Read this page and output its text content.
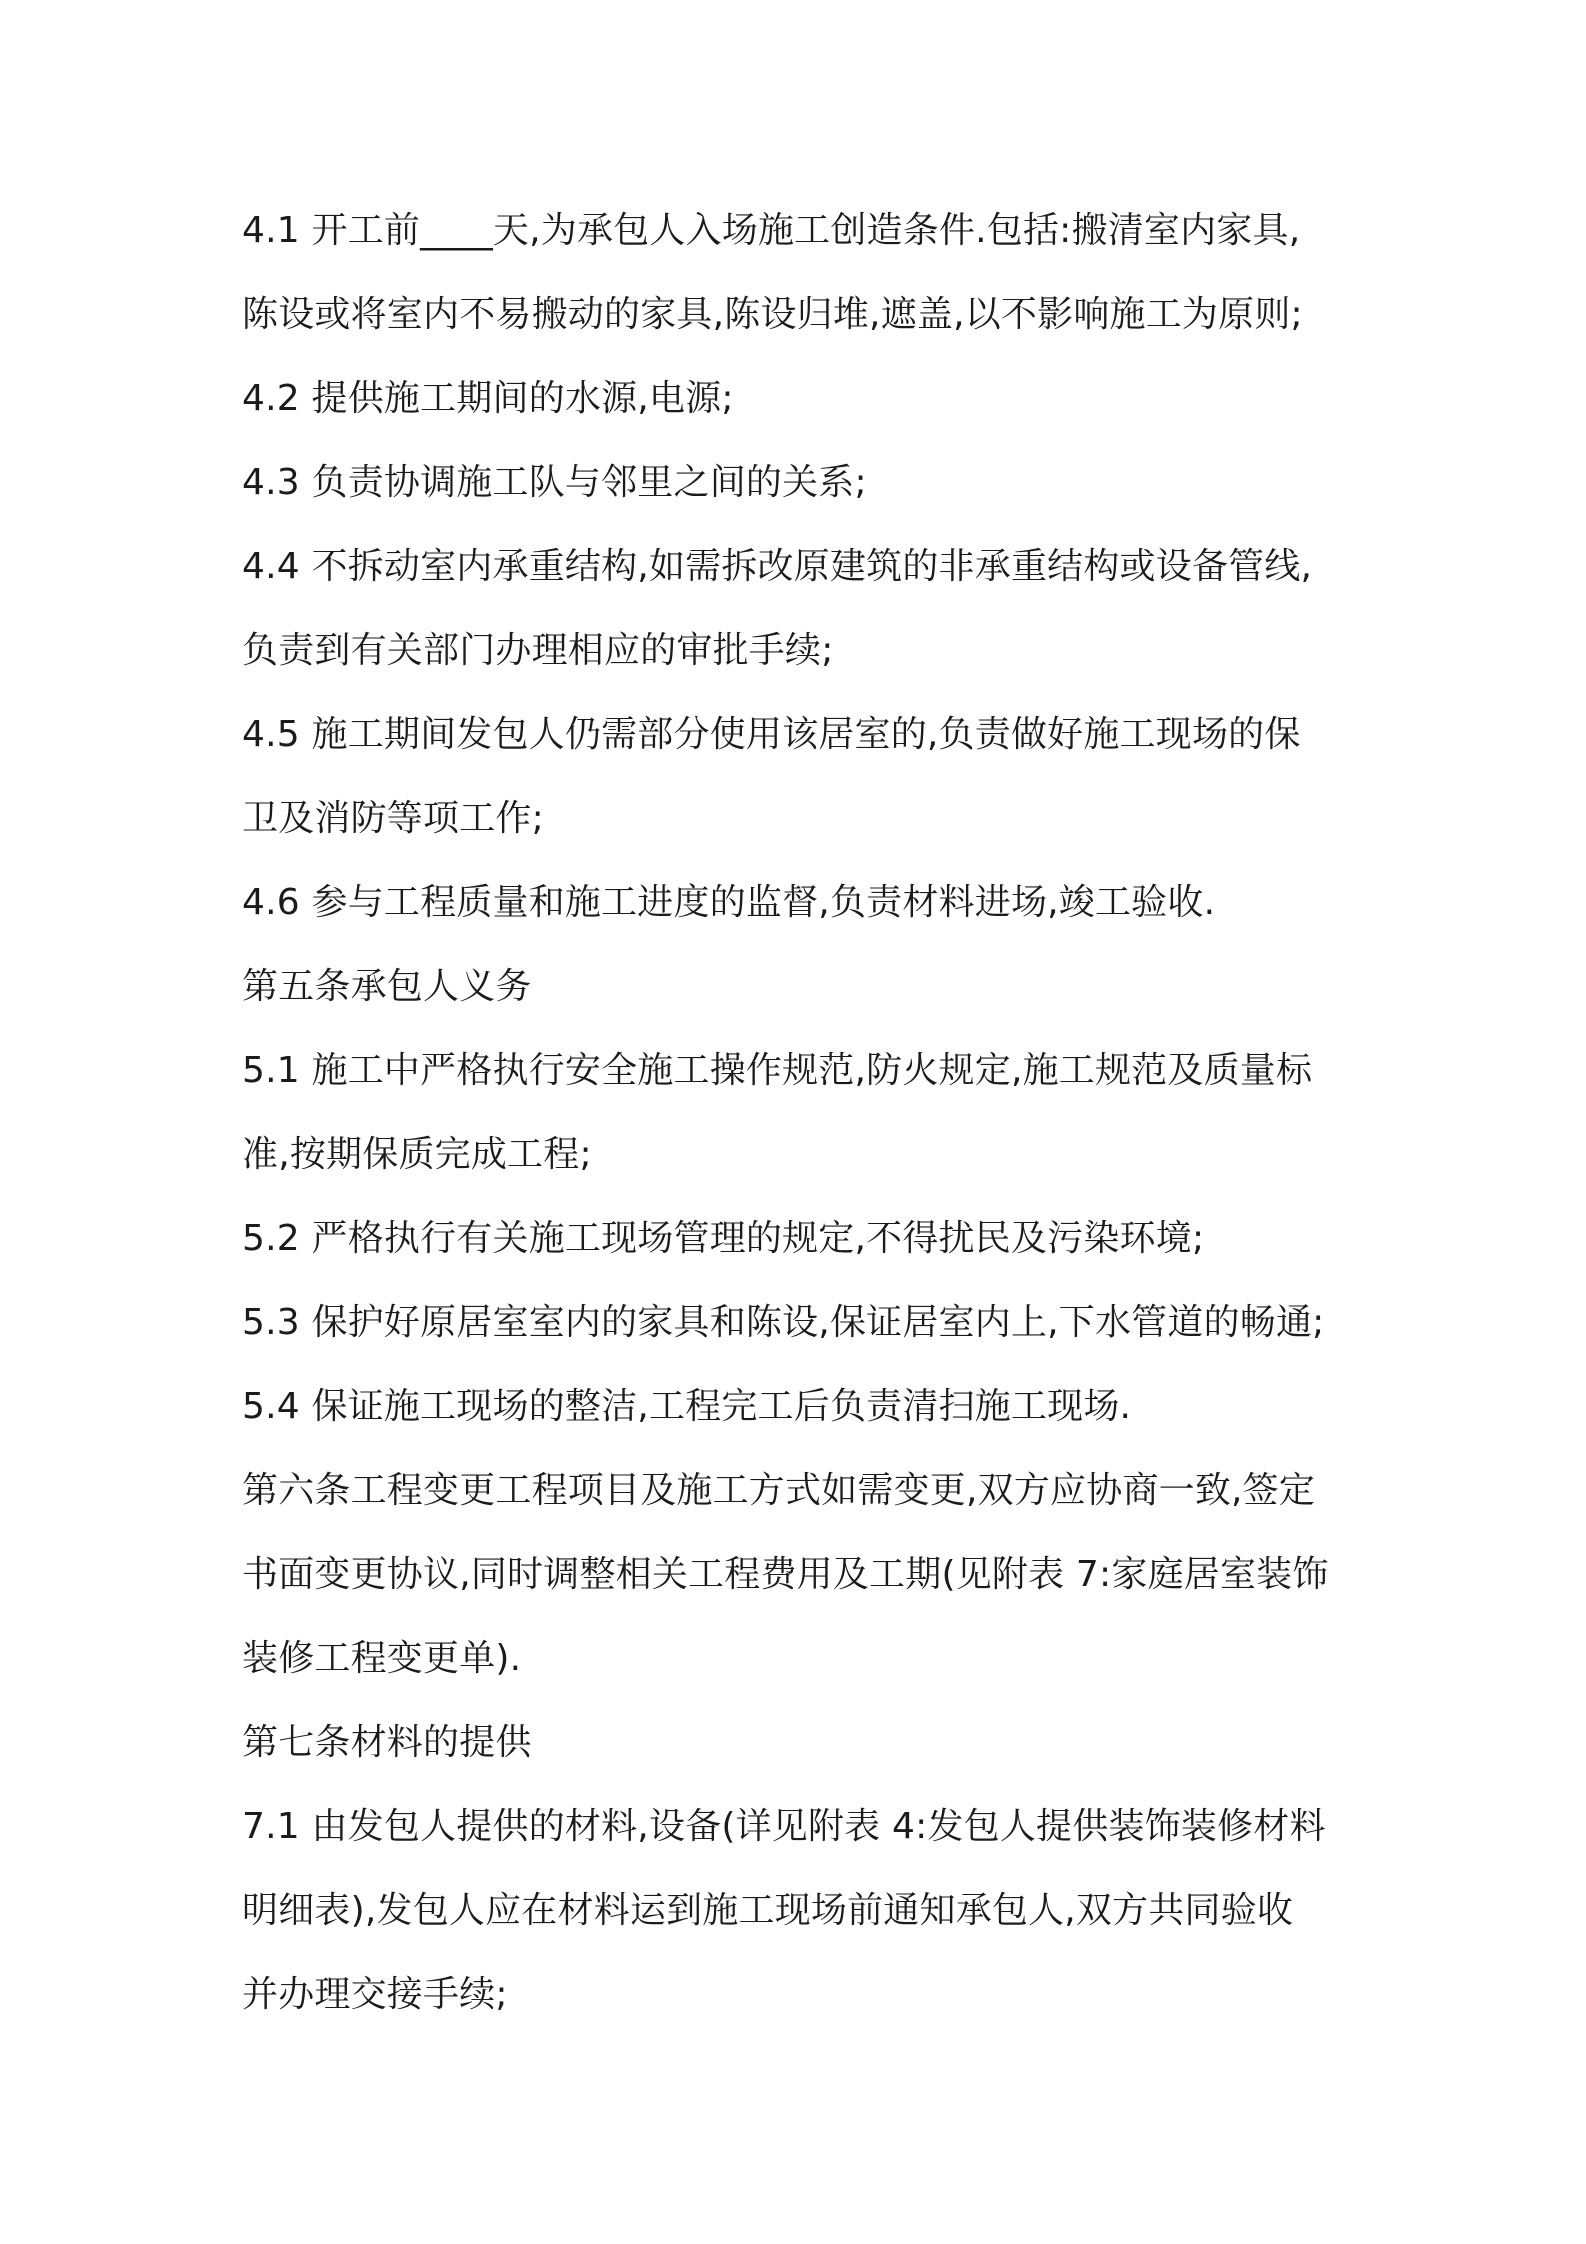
4.1 开工前____天,为承包人入场施工创造条件.包括:搬清室内家具,
陈设或将室内不易搬动的家具,陈设归堆,遮盖,以不影响施工为原则;
4.2 提供施工期间的水源,电源;
4.3 负责协调施工队与邻里之间的关系;
4.4 不拆动室内承重结构,如需拆改原建筑的非承重结构或设备管线,
负责到有关部门办理相应的审批手续;
4.5 施工期间发包人仍需部分使用该居室的,负责做好施工现场的保
卫及消防等项工作;
4.6 参与工程质量和施工进度的监督,负责材料进场,竣工验收.
第五条承包人义务
5.1 施工中严格执行安全施工操作规范,防火规定,施工规范及质量标
准,按期保质完成工程;
5.2 严格执行有关施工现场管理的规定,不得扰民及污染环境;
5.3 保护好原居室室内的家具和陈设,保证居室内上,下水管道的畅通;
5.4 保证施工现场的整洁,工程完工后负责清扫施工现场.
第六条工程变更工程项目及施工方式如需变更,双方应协商一致,签定
书面变更协议,同时调整相关工程费用及工期(见附表 7:家庭居室装饰
装修工程变更单).
第七条材料的提供
7.1 由发包人提供的材料,设备(详见附表 4:发包人提供装饰装修材料
明细表),发包人应在材料运到施工现场前通知承包人,双方共同验收
并办理交接手续;
